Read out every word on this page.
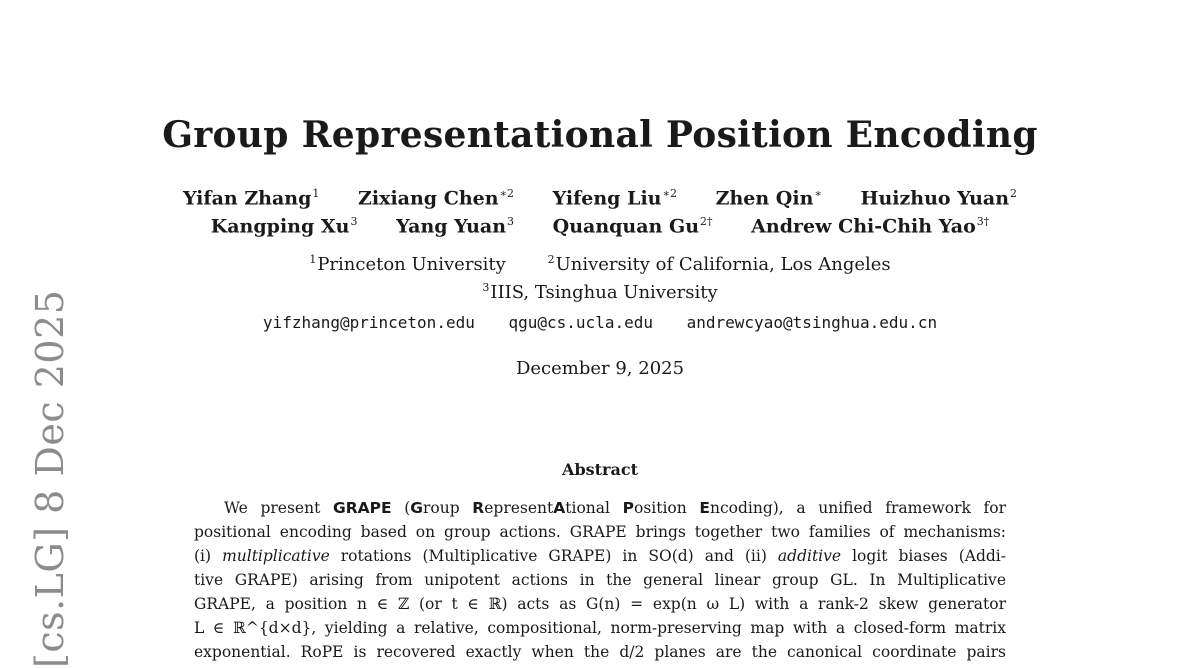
[cs.LG] 8 Dec 2025
Group Representational Position Encoding
Yifan Zhang$^1$ Zixiang Chen$^{∗2}$ Yifeng Liu$^{∗2}$ Zhen Qin∗ Huizhuo Yuan$^2$
Kangping Xu$^3$ Yang Yuan$^3$ Quanquan $Gu^{2\dagger}$ Andrew Chi-Chih Yao$^{3\dagger}$
$^1$Princeton University	$^2$University of California, Los Angeles
$^3$IIIS, Tsinghua University
yifzhang@princeton.edu qgu@cs.ucla.edu andrewcyao@tsinghua.edu.cn
December 9, 2025
Abstract
We present GRAPE (Group RepresentAtional Position Encoding), a unified framework for
positional encoding based on group actions. GRAPE brings together two families of mechanisms:
(i) multiplicative rotations (Multiplicative GRAPE) in SO(d) and (ii) additive logit biases (Addi-
tive GRAPE) arising from unipotent actions in the general linear group GL. In Multiplicative
GRAPE, a position n ∈ ℤ (or t ∈ ℝ) acts as G(n) = exp(n ω L) with a rank-2 skew generator
L ∈ ℝ^{d×d}, yielding a relative, compositional, norm-preserving map with a closed-form matrix
exponential. RoPE is recovered exactly when the d/2 planes are the canonical coordinate pairs
